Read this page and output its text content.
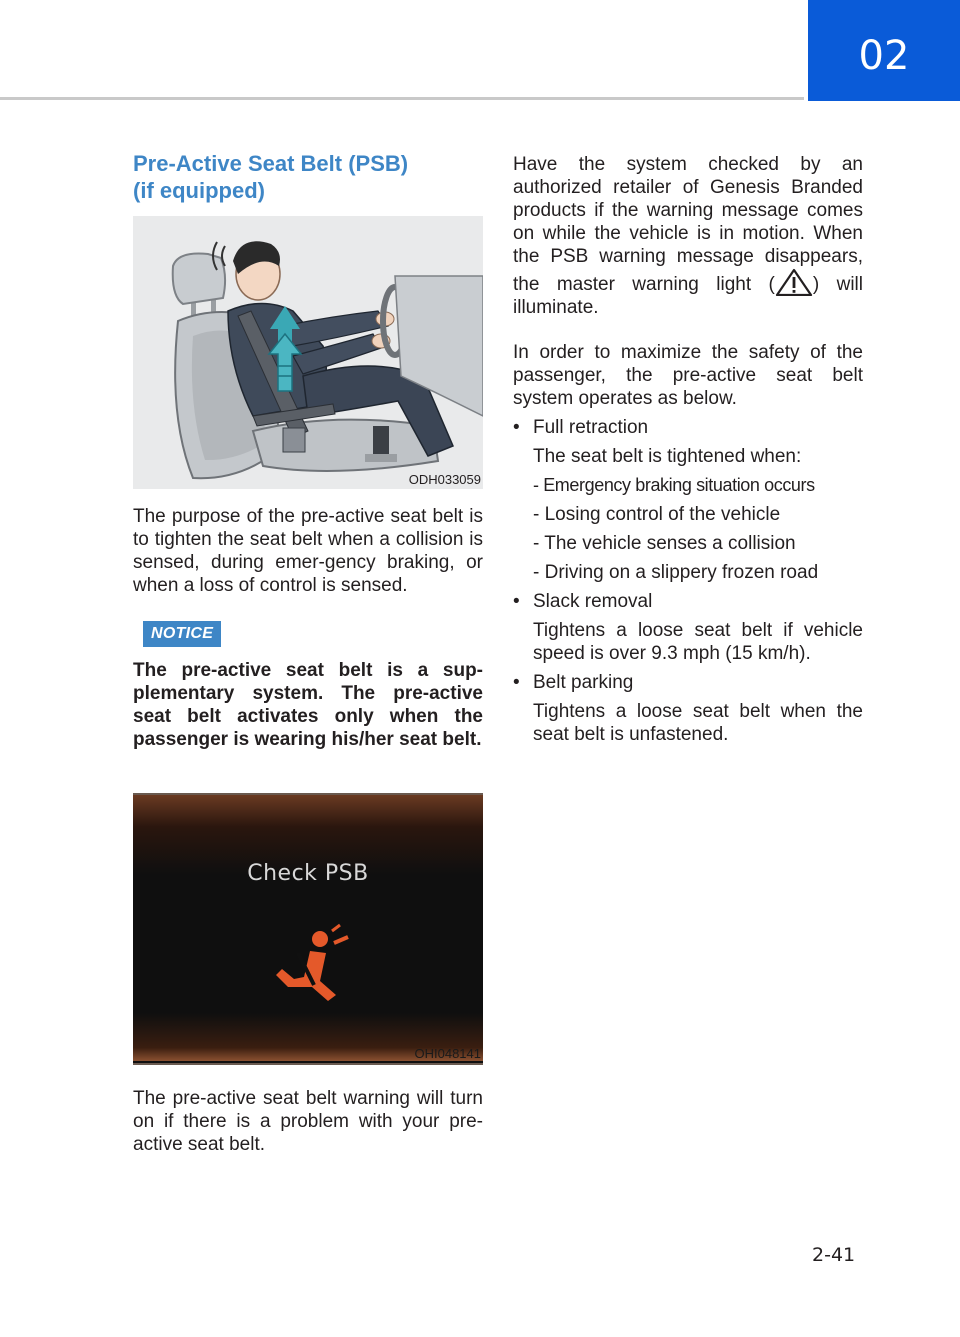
02
Pre-Active Seat Belt (PSB)
(if equipped)
ODH033059

The purpose of the pre-active seat belt is to tighten the seat belt when a collision is sensed, during emer-gency braking, or when a loss of control is sensed.

NOTICE

The pre-active seat belt is a sup-plementary system. The pre-active seat belt activates only when the passenger is wearing his/her seat belt.

Check PSB
OHI048141

The pre-active seat belt warning will turn on if there is a problem with your pre-active seat belt.

Have the system checked by an authorized retailer of Genesis Branded products if the warning message comes on while the vehicle is in motion. When the PSB warning message disappears, the master warning light ( ) will illuminate.

In order to maximize the safety of the passenger, the pre-active seat belt system operates as below.

• Full retraction
The seat belt is tightened when:
- Emergency braking situation occurs
- Losing control of the vehicle
- The vehicle senses a collision
- Driving on a slippery frozen road
• Slack removal
Tightens a loose seat belt if vehicle speed is over 9.3 mph (15 km/h).
• Belt parking
Tightens a loose seat belt when the seat belt is unfastened.
2-41
